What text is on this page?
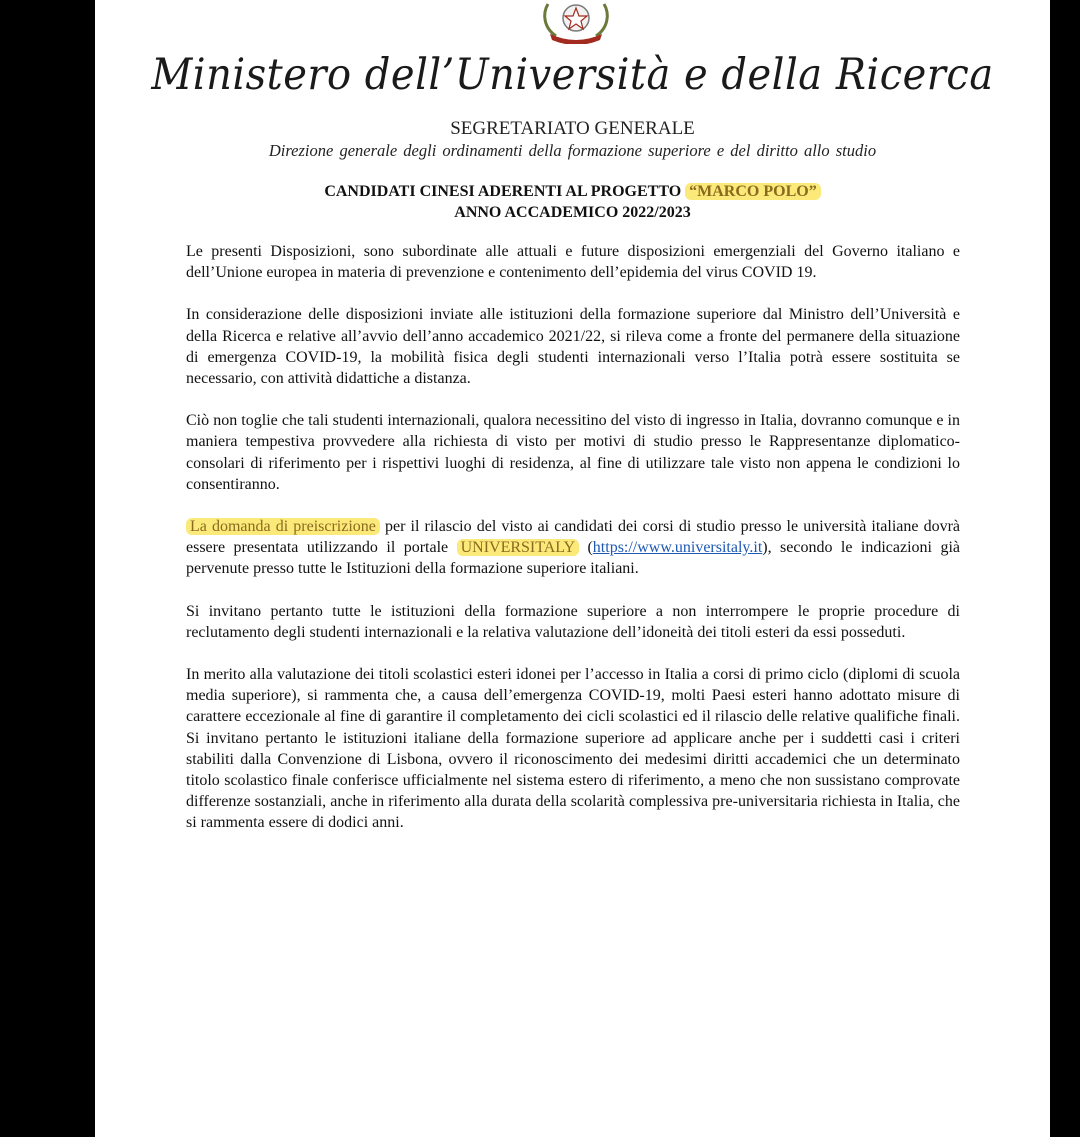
Ministero dell’Università e della Ricerca
SEGRETARIATO GENERALE
Direzione generale degli ordinamenti della formazione superiore e del diritto allo studio
CANDIDATI CINESI ADERENTI AL PROGETTO “MARCO POLO”
ANNO ACCADEMICO 2022/2023

Le presenti Disposizioni, sono subordinate alle attuali e future disposizioni emergenziali del Governo italiano e dell’Unione europea in materia di prevenzione e contenimento dell’epidemia del virus COVID 19.

In considerazione delle disposizioni inviate alle istituzioni della formazione superiore dal Ministro dell’Università e della Ricerca e relative all’avvio dell’anno accademico 2021/22, si rileva come a fronte del permanere della situazione di emergenza COVID-19, la mobilità fisica degli studenti internazionali verso l’Italia potrà essere sostituita se necessario, con attività didattiche a distanza.

Ciò non toglie che tali studenti internazionali, qualora necessitino del visto di ingresso in Italia, dovranno comunque e in maniera tempestiva provvedere alla richiesta di visto per motivi di studio presso le Rappresentanze diplomatico-consolari di riferimento per i rispettivi luoghi di residenza, al fine di utilizzare tale visto non appena le condizioni lo consentiranno.

La domanda di preiscrizione per il rilascio del visto ai candidati dei corsi di studio presso le università italiane dovrà essere presentata utilizzando il portale UNIVERSITALY (https://www.universitaly.it), secondo le indicazioni già pervenute presso tutte le Istituzioni della formazione superiore italiani.

Si invitano pertanto tutte le istituzioni della formazione superiore a non interrompere le proprie procedure di reclutamento degli studenti internazionali e la relativa valutazione dell’idoneità dei titoli esteri da essi posseduti.

In merito alla valutazione dei titoli scolastici esteri idonei per l’accesso in Italia a corsi di primo ciclo (diplomi di scuola media superiore), si rammenta che, a causa dell’emergenza COVID-19, molti Paesi esteri hanno adottato misure di carattere eccezionale al fine di garantire il completamento dei cicli scolastici ed il rilascio delle relative qualifiche finali. Si invitano pertanto le istituzioni italiane della formazione superiore ad applicare anche per i suddetti casi i criteri stabiliti dalla Convenzione di Lisbona, ovvero il riconoscimento dei medesimi diritti accademici che un determinato titolo scolastico finale conferisce ufficialmente nel sistema estero di riferimento, a meno che non sussistano comprovate differenze sostanziali, anche in riferimento alla durata della scolarità complessiva pre-universitaria richiesta in Italia, che si rammenta essere di dodici anni.
